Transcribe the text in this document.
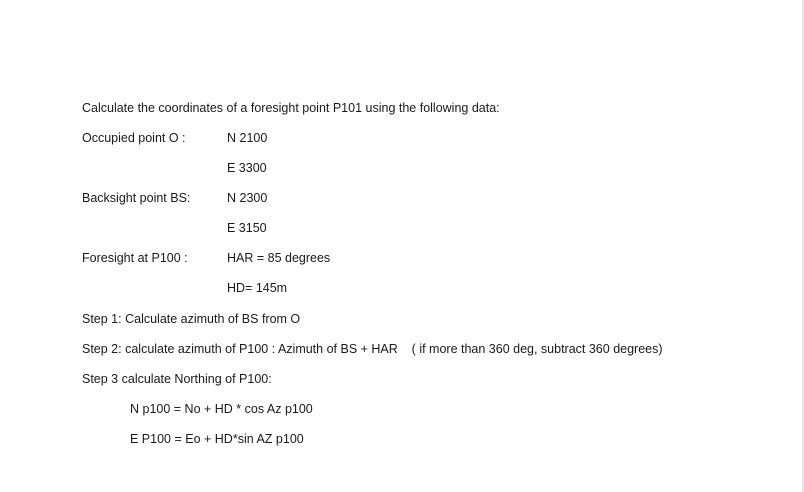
Calculate the coordinates of a foresight point P101 using the following data:
Occupied point O :	N 2100
E 3300
Backsight point BS:	N 2300
E 3150
Foresight at P100 :	HAR = 85 degrees
HD= 145m
Step 1: Calculate azimuth of BS from O
Step 2: calculate azimuth of P100 : Azimuth of BS + HAR    ( if more than 360 deg, subtract 360 degrees)
Step 3 calculate Northing of P100:
N p100 = No + HD * cos Az p100
E P100 = Eo + HD*sin AZ p100
